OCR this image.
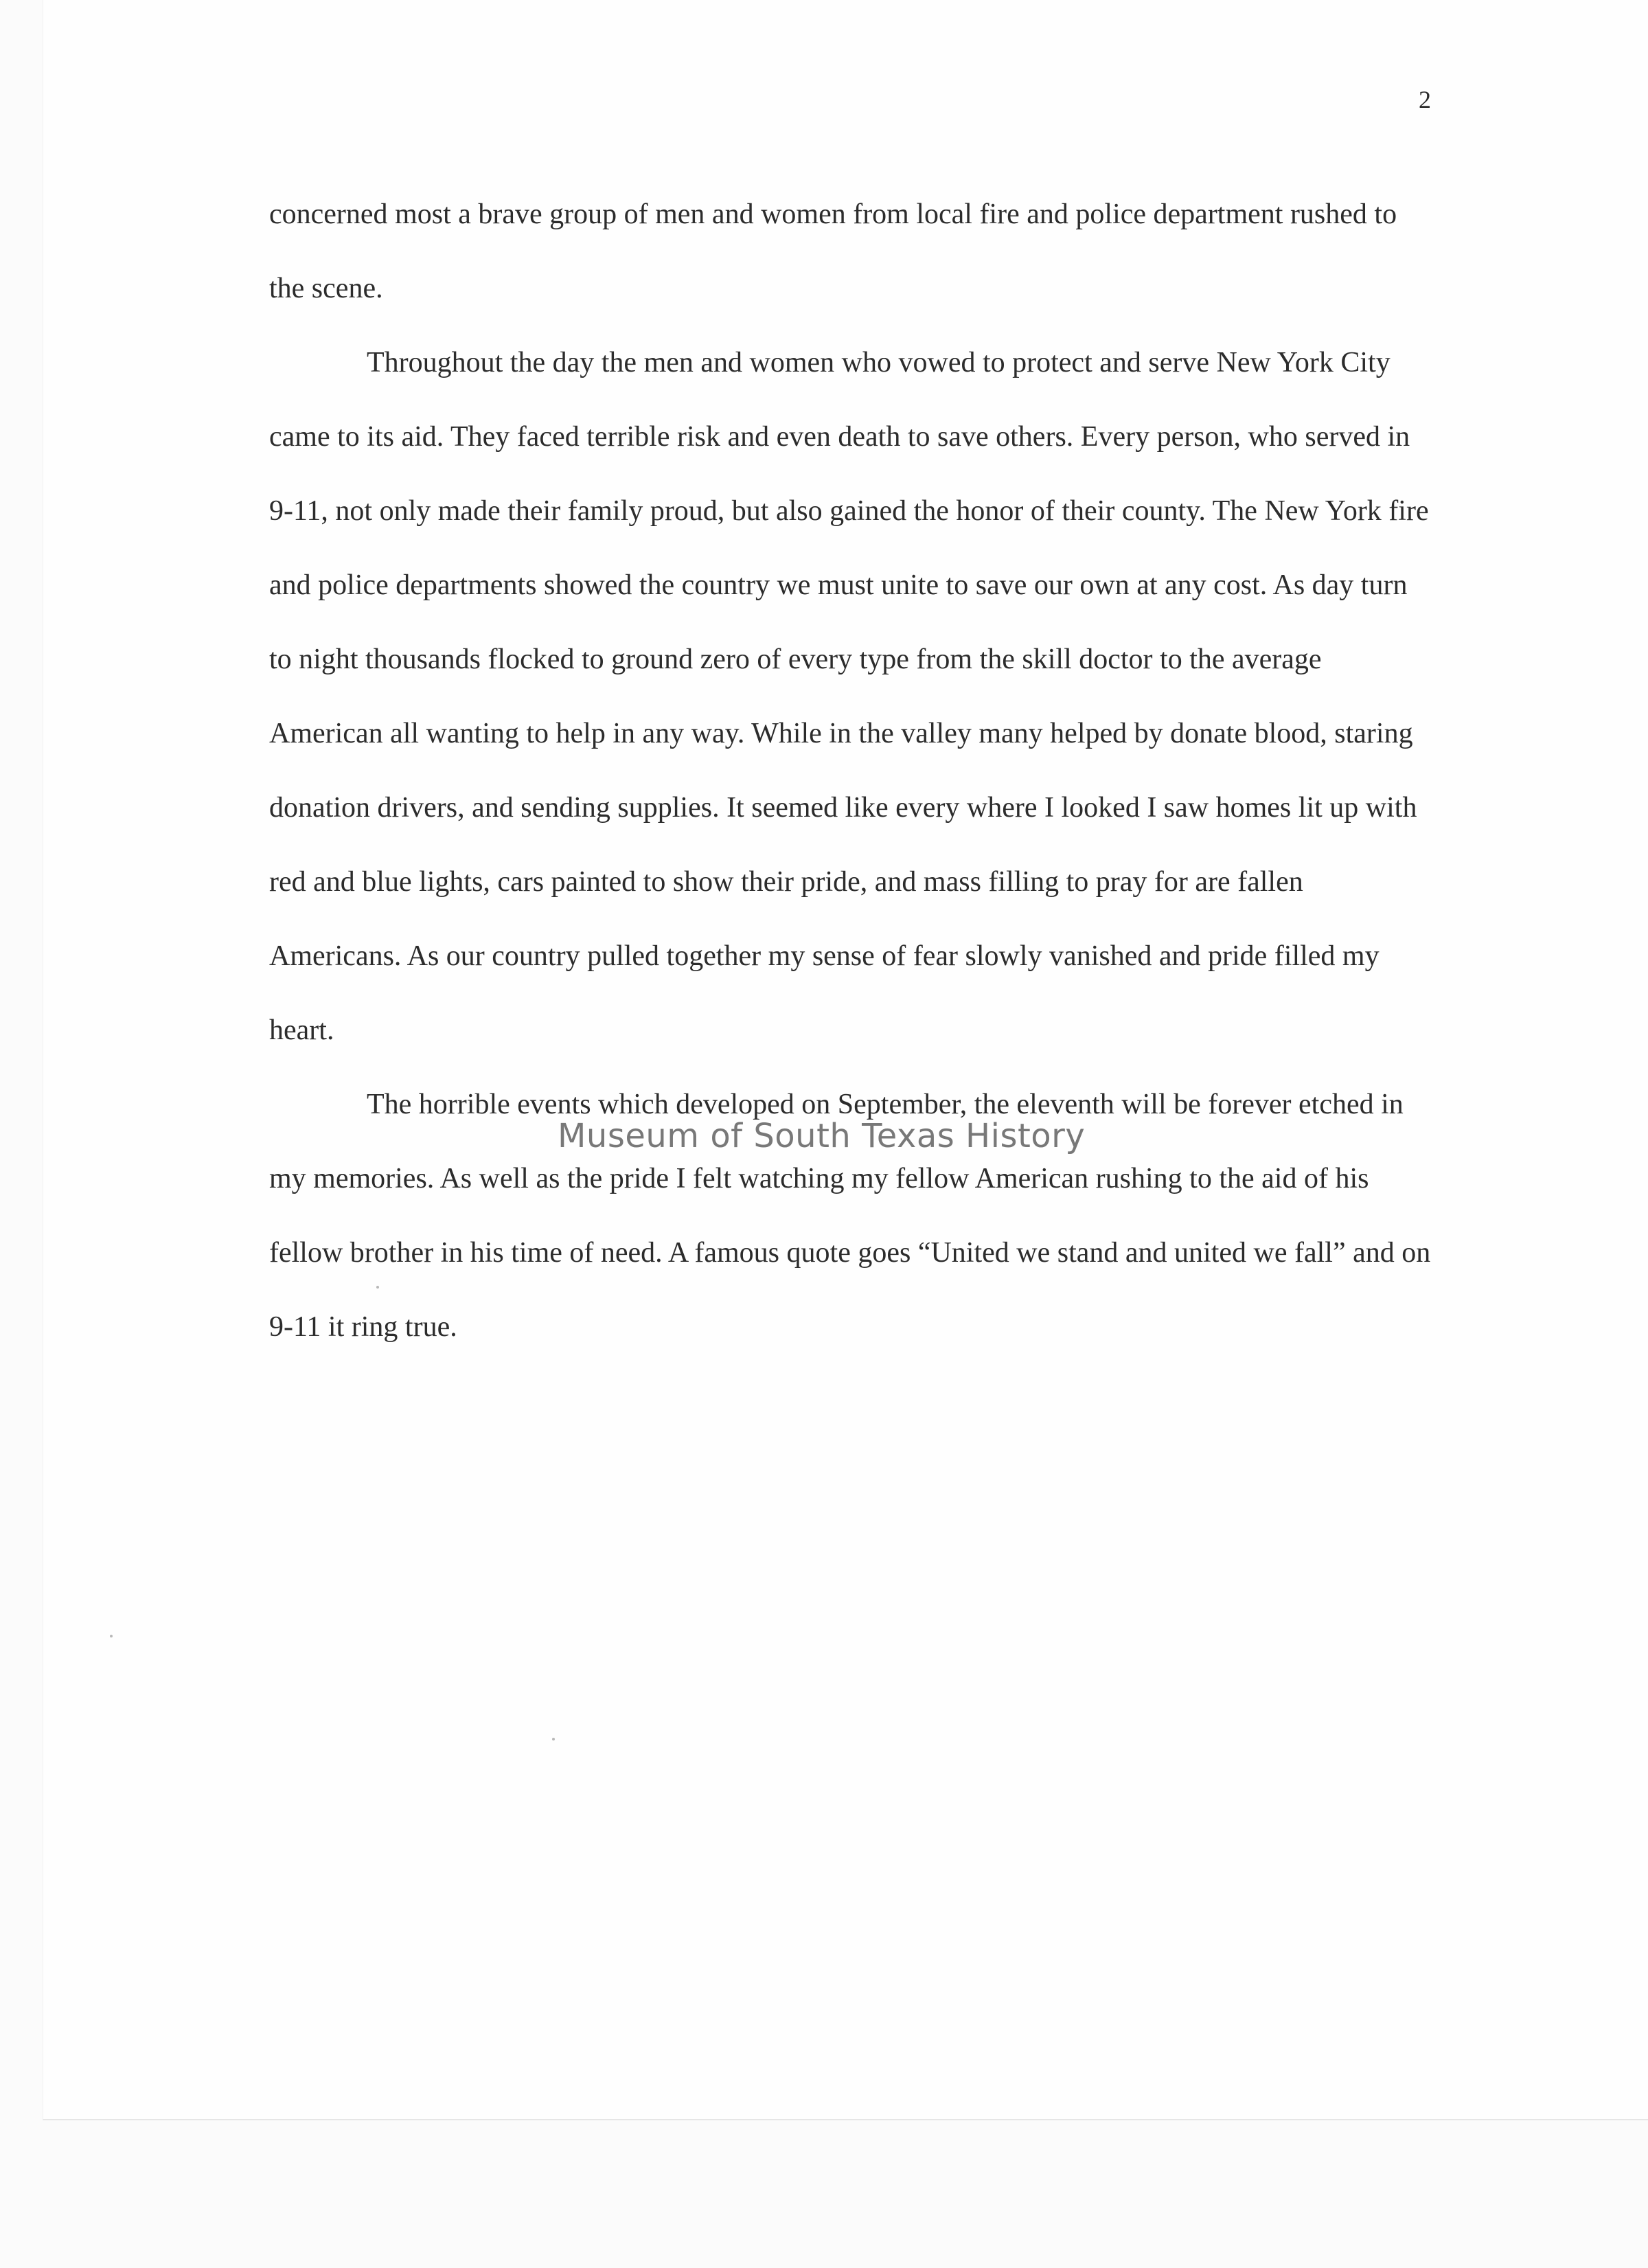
2

concerned most a brave group of men and women from local fire and police department rushed to the scene.

Throughout the day the men and women who vowed to protect and serve New York City came to its aid. They faced terrible risk and even death to save others. Every person, who served in 9-11, not only made their family proud, but also gained the honor of their county. The New York fire and police departments showed the country we must unite to save our own at any cost. As day turn to night thousands flocked to ground zero of every type from the skill doctor to the average American all wanting to help in any way. While in the valley many helped by donate blood, staring donation drivers, and sending supplies. It seemed like every where I looked I saw homes lit up with red and blue lights, cars painted to show their pride, and mass filling to pray for are fallen Americans. As our country pulled together my sense of fear slowly vanished and pride filled my heart.

The horrible events which developed on September, the eleventh will be forever etched in my memories. As well as the pride I felt watching my fellow American rushing to the aid of his fellow brother in his time of need. A famous quote goes “United we stand and united we fall” and on 9-11 it ring true.

Museum of South Texas History
